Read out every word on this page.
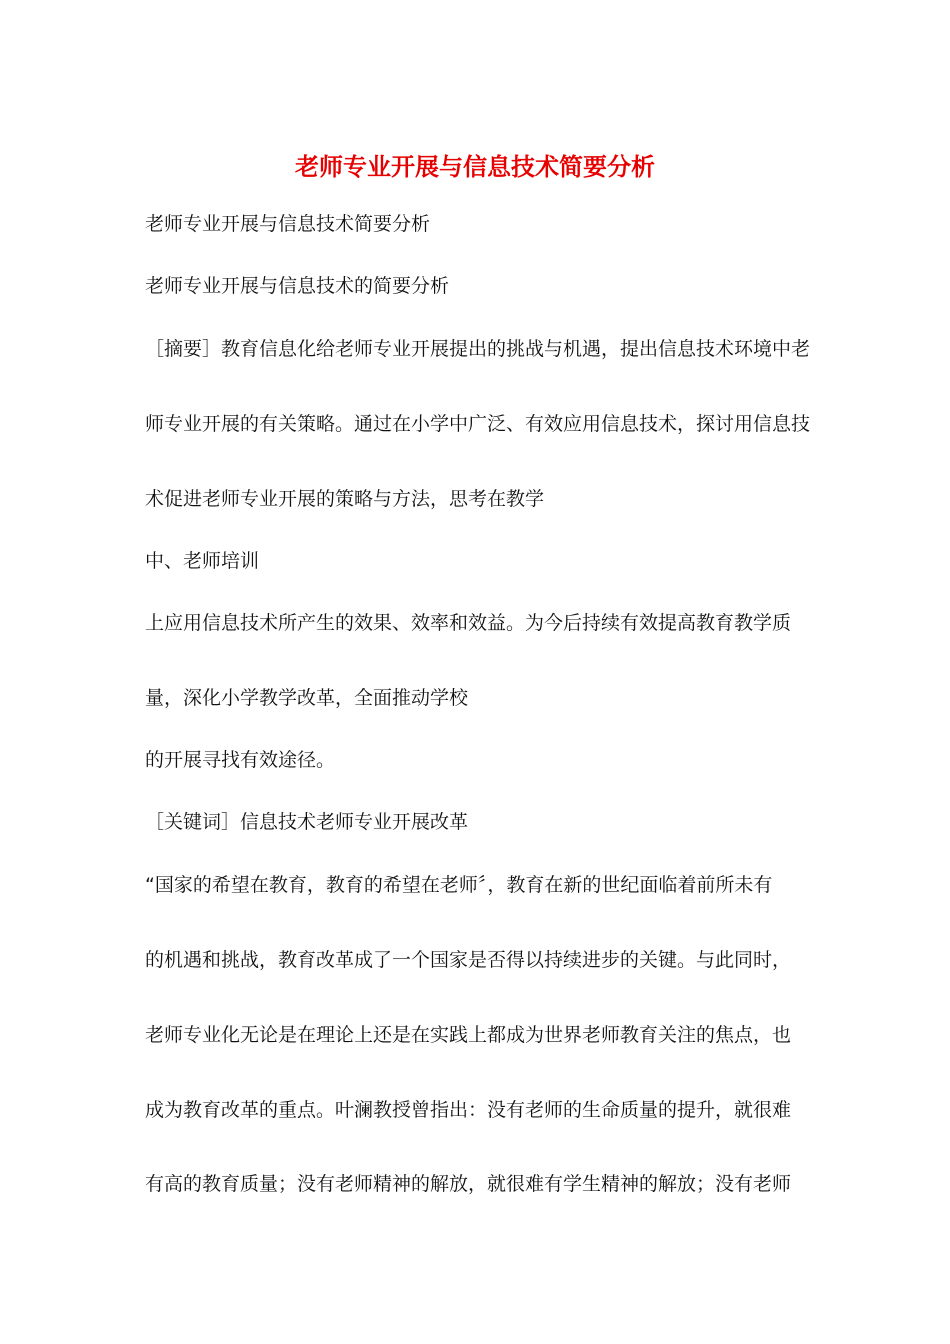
老师专业开展与信息技术简要分析
老师专业开展与信息技术简要分析
老师专业开展与信息技术的简要分析
［摘要］教育信息化给老师专业开展提出的挑战与机遇，提出信息技术环境中老
师专业开展的有关策略。通过在小学中广泛、有效应用信息技术，探讨用信息技
术促进老师专业开展的策略与方法，思考在教学
中、老师培训
上应用信息技术所产生的效果、效率和效益。为今后持续有效提高教育教学质
量，深化小学教学改革，全面推动学校
的开展寻找有效途径。
［关键词］信息技术老师专业开展改革
“国家的希望在教育，教育的希望在老师〞，教育在新的世纪面临着前所未有
的机遇和挑战，教育改革成了一个国家是否得以持续进步的关键。与此同时，
老师专业化无论是在理论上还是在实践上都成为世界老师教育关注的焦点，也
成为教育改革的重点。叶澜教授曾指出：没有老师的生命质量的提升，就很难
有高的教育质量；没有老师精神的解放，就很难有学生精神的解放；没有老师
